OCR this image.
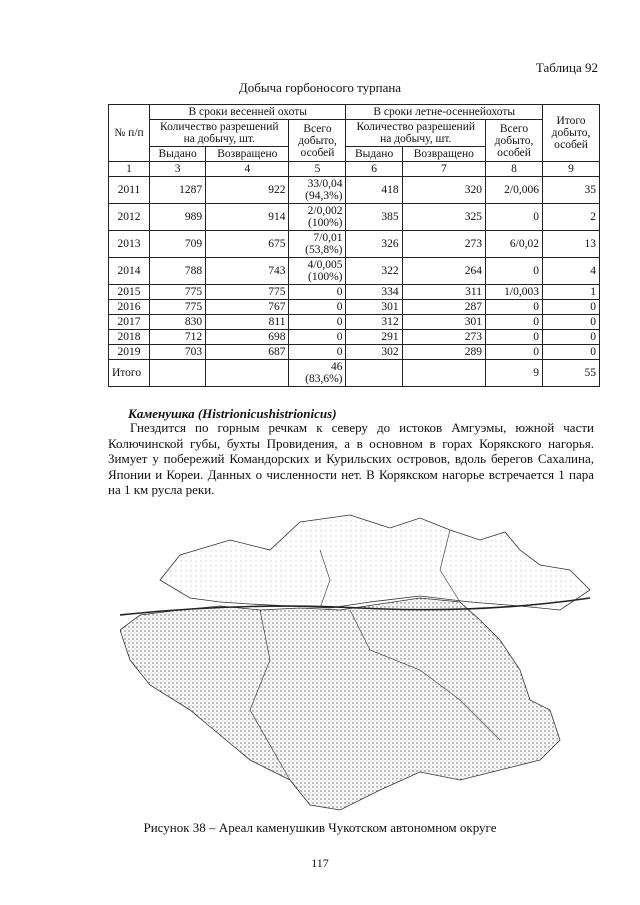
Таблица 92
Добыча горбоносого турпана
№ п/п	В сроки весенней охоты			В сроки летне-осеннейохоты			Итого добыто, особей
	Количество разрешений на добычу, шт.		Всего добыто, особей	Количество разрешений на добычу, шт.		Всего добыто, особей	
	Выдано	Возвращено		Выдано	Возвращено		
1	3	4	5	6	7	8	9
2011	1287	922	33/0,04 (94,3%)	418	320	2/0,006	35
2012	989	914	2/0,002 (100%)	385	325	0	2
2013	709	675	7/0,01 (53,8%)	326	273	6/0,02	13
2014	788	743	4/0,005 (100%)	322	264	0	4
2015	775	775	0	334	311	1/0,003	1
2016	775	767	0	301	287	0	0
2017	830	811	0	312	301	0	0
2018	712	698	0	291	273	0	0
2019	703	687	0	302	289	0	0
Итого			46 (83,6%)			9	55
Каменушка (Histrionicushistrionicus)
Гнездится по горным речкам к северу до истоков Амгуэмы, южной части Колючинской губы, бухты Провидения, а в основном в горах Корякского нагорья. Зимует у побережий Командорских и Курильских островов, вдоль берегов Сахалина, Японии и Кореи. Данных о численности нет. В Корякском нагорье встречается 1 пара на 1 км русла реки.
Рисунок 38 – Ареал каменушкив Чукотском автономном округе
117
